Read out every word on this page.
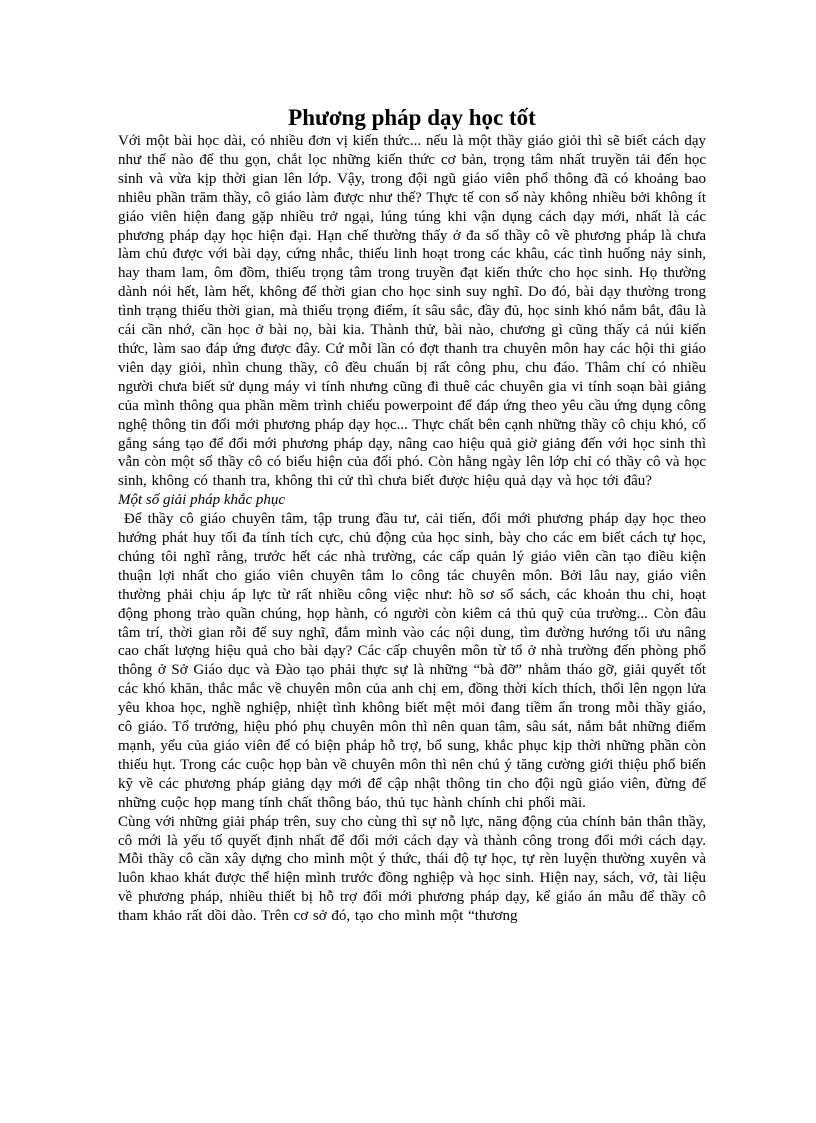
Phương pháp dạy học tốt

Với một bài học dài, có nhiều đơn vị kiến thức... nếu là một thầy giáo giỏi thì sẽ biết cách dạy như thế nào để thu gọn, chắt lọc những kiến thức cơ bản, trọng tâm nhất truyền tải đến học sinh và vừa kịp thời gian lên lớp. Vậy, trong đội ngũ giáo viên phổ thông đã có khoảng bao nhiêu phần trăm thầy, cô giáo làm được như thế? Thực tế con số này không nhiều bởi không ít giáo viên hiện đang gặp nhiều trở ngại, lúng túng khi vận dụng cách dạy mới, nhất là các phương pháp dạy học hiện đại. Hạn chế thường thấy ở đa số thầy cô về phương pháp là chưa làm chủ được với bài dạy, cứng nhắc, thiếu linh hoạt trong các khâu, các tình huống nảy sinh, hay tham lam, ôm đồm, thiếu trọng tâm trong truyền đạt kiến thức cho học sinh. Họ thường dành nói hết, làm hết, không để thời gian cho học sinh suy nghĩ. Do đó, bài dạy thường trong tình trạng thiếu thời gian, mà thiếu trọng điểm, ít sâu sắc, đầy đủ, học sinh khó nắm bắt, đâu là cái cần nhớ, cần học ở bài nọ, bài kia. Thành thử, bài nào, chương gì cũng thấy cả núi kiến thức, làm sao đáp ứng được đây. Cứ mỗi lần có đợt thanh tra chuyên môn hay các hội thi giáo viên dạy giỏi, nhìn chung thầy, cô đều chuẩn bị rất công phu, chu đáo. Thâm chí có nhiều người chưa biết sử dụng máy vi tính nhưng cũng đi thuê các chuyên gia vi tính soạn bài giảng của mình thông qua phần mềm trình chiếu powerpoint để đáp ứng theo yêu cầu ứng dụng công nghệ thông tin đổi mới phương pháp dạy học... Thực chất bên cạnh những thầy cô chịu khó, cố gắng sáng tạo để đổi mới phương pháp dạy, nâng cao hiệu quả giờ giảng đến với học sinh thì vẫn còn một số thầy cô có biểu hiện của đối phó. Còn hằng ngày lên lớp chỉ có thầy cô và học sinh, không có thanh tra, không thi cử thì chưa biết được hiệu quả dạy và học tới đâu?

Một số giải pháp khắc phục

Để thầy cô giáo chuyên tâm, tập trung đầu tư, cải tiến, đổi mới phương pháp dạy học theo hướng phát huy tối đa tính tích cực, chủ động của học sinh, bày cho các em biết cách tự học, chúng tôi nghĩ rằng, trước hết các nhà trường, các cấp quản lý giáo viên cần tạo điều kiện thuận lợi nhất cho giáo viên chuyên tâm lo công tác chuyên môn. Bởi lâu nay, giáo viên thường phải chịu áp lực từ rất nhiều công việc như: hồ sơ sổ sách, các khoản thu chi, hoạt động phong trào quần chúng, họp hành, có người còn kiêm cả thủ quỹ của trường... Còn đâu tâm trí, thời gian rỗi để suy nghĩ, đắm mình vào các nội dung, tìm đường hướng tối ưu nâng cao chất lượng hiệu quả cho bài dạy? Các cấp chuyên môn từ tổ ở nhà trường đến phòng phổ thông ở Sở Giáo dục và Đào tạo phải thực sự là những “bà đỡ” nhằm tháo gỡ, giải quyết tốt các khó khăn, thắc mắc về chuyên môn của anh chị em, đồng thời kích thích, thổi lên ngọn lửa yêu khoa học, nghề nghiệp, nhiệt tình không biết mệt mỏi đang tiềm ẩn trong mỗi thầy giáo, cô giáo. Tổ trưởng, hiệu phó phụ chuyên môn thì nên quan tâm, sâu sát, nắm bắt những điểm mạnh, yếu của giáo viên để có biện pháp hỗ trợ, bổ sung, khắc phục kịp thời những phần còn thiếu hụt. Trong các cuộc họp bàn về chuyên môn thì nên chú ý tăng cường giới thiệu phổ biến kỹ về các phương pháp giảng dạy mới để cập nhật thông tin cho đội ngũ giáo viên, đừng để những cuộc họp mang tính chất thông báo, thủ tục hành chính chi phối mãi.

Cùng với những giải pháp trên, suy cho cùng thì sự nỗ lực, năng động của chính bản thân thầy, cô mới là yếu tố quyết định nhất để đổi mới cách dạy và thành công trong đổi mới cách dạy. Mỗi thầy cô cần xây dựng cho mình một ý thức, thái độ tự học, tự rèn luyện thường xuyên và luôn khao khát được thể hiện mình trước đồng nghiệp và học sinh. Hiện nay, sách, vở, tài liệu về phương pháp, nhiều thiết bị hỗ trợ đổi mới phương pháp dạy, kể giáo án mẫu để thầy cô tham khảo rất dồi dào. Trên cơ sở đó, tạo cho mình một “thương
